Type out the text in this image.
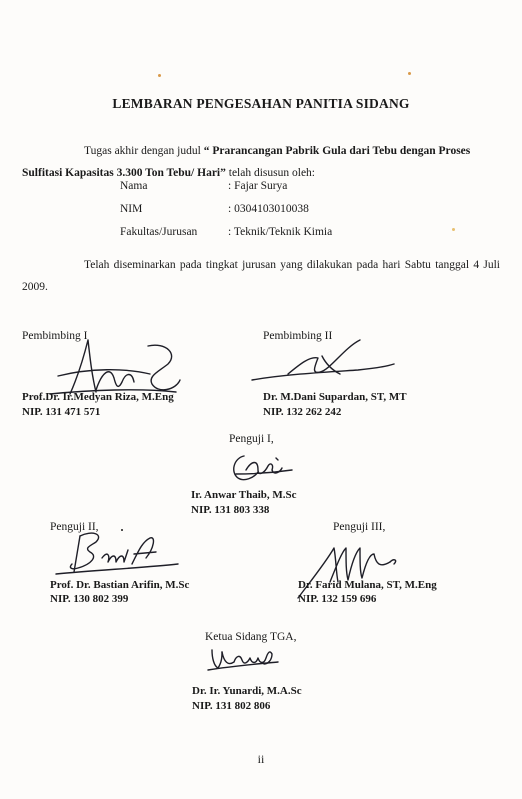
LEMBARAN PENGESAHAN PANITIA SIDANG
Tugas akhir dengan judul “ Prarancangan Pabrik Gula dari Tebu dengan Proses Sulfitasi Kapasitas 3.300 Ton Tebu/ Hari” telah disusun oleh:
Nama	: Fajar Surya
NIM	: 0304103010038
Fakultas/Jurusan	: Teknik/Teknik Kimia
Telah diseminarkan pada tingkat jurusan yang dilakukan pada hari Sabtu tanggal 4 Juli 2009.
Pembimbing I
Prof.Dr. Ir.Medyan Riza, M.Eng
NIP. 131 471 571
Pembimbing II
Dr. M.Dani Supardan, ST, MT
NIP. 132 262 242
Penguji I,
Ir. Anwar Thaib, M.Sc
NIP. 131 803 338
Penguji II,
Prof. Dr. Bastian Arifin, M.Sc
NIP. 130 802 399
Penguji III,
Dr. Farid Mulana, ST, M.Eng
NIP. 132 159 696
Ketua Sidang TGA,
Dr. Ir. Yunardi, M.A.Sc
NIP. 131 802 806
ii
